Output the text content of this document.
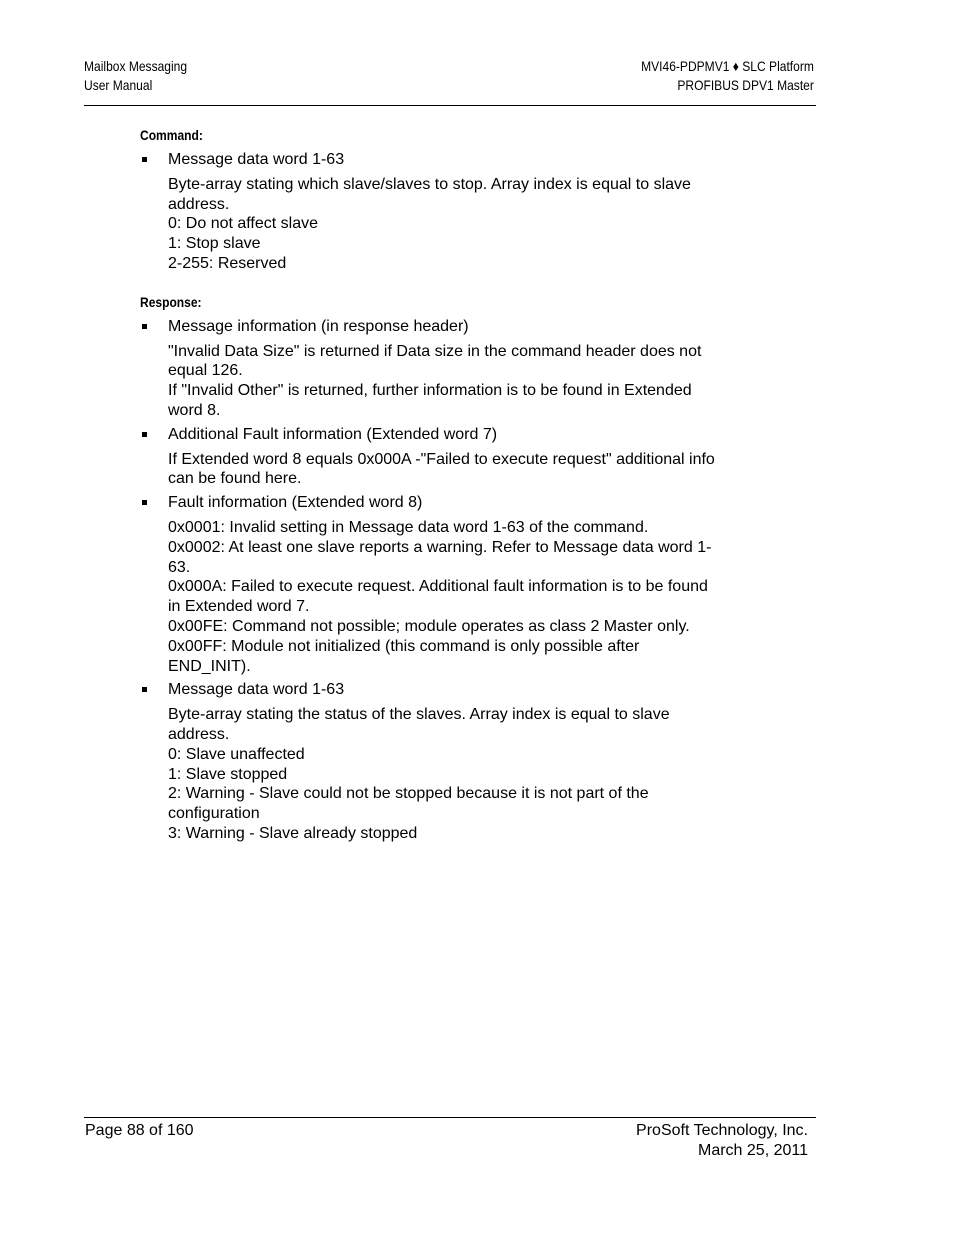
Mailbox Messaging
User Manual
MVI46-PDPMV1 ♦ SLC Platform
PROFIBUS DPV1 Master
Command:
Message data word 1-63
Byte-array stating which slave/slaves to stop. Array index is equal to slave
address.
0: Do not affect slave
1: Stop slave
2-255: Reserved
Response:
Message information (in response header)
"Invalid Data Size" is returned if Data size in the command header does not
equal 126.
If "Invalid Other" is returned, further information is to be found in Extended
word 8.
Additional Fault information (Extended word 7)
If Extended word 8 equals 0x000A -"Failed to execute request" additional info
can be found here.
Fault information (Extended word 8)
0x0001: Invalid setting in Message data word 1-63 of the command.
0x0002: At least one slave reports a warning. Refer to Message data word 1-
63.
0x000A: Failed to execute request. Additional fault information is to be found
in Extended word 7.
0x00FE: Command not possible; module operates as class 2 Master only.
0x00FF: Module not initialized (this command is only possible after
END_INIT).
Message data word 1-63
Byte-array stating the status of the slaves. Array index is equal to slave
address.
0: Slave unaffected
1: Slave stopped
2: Warning - Slave could not be stopped because it is not part of the
configuration
3: Warning - Slave already stopped
Page 88 of 160	ProSoft Technology, Inc.
March 25, 2011
